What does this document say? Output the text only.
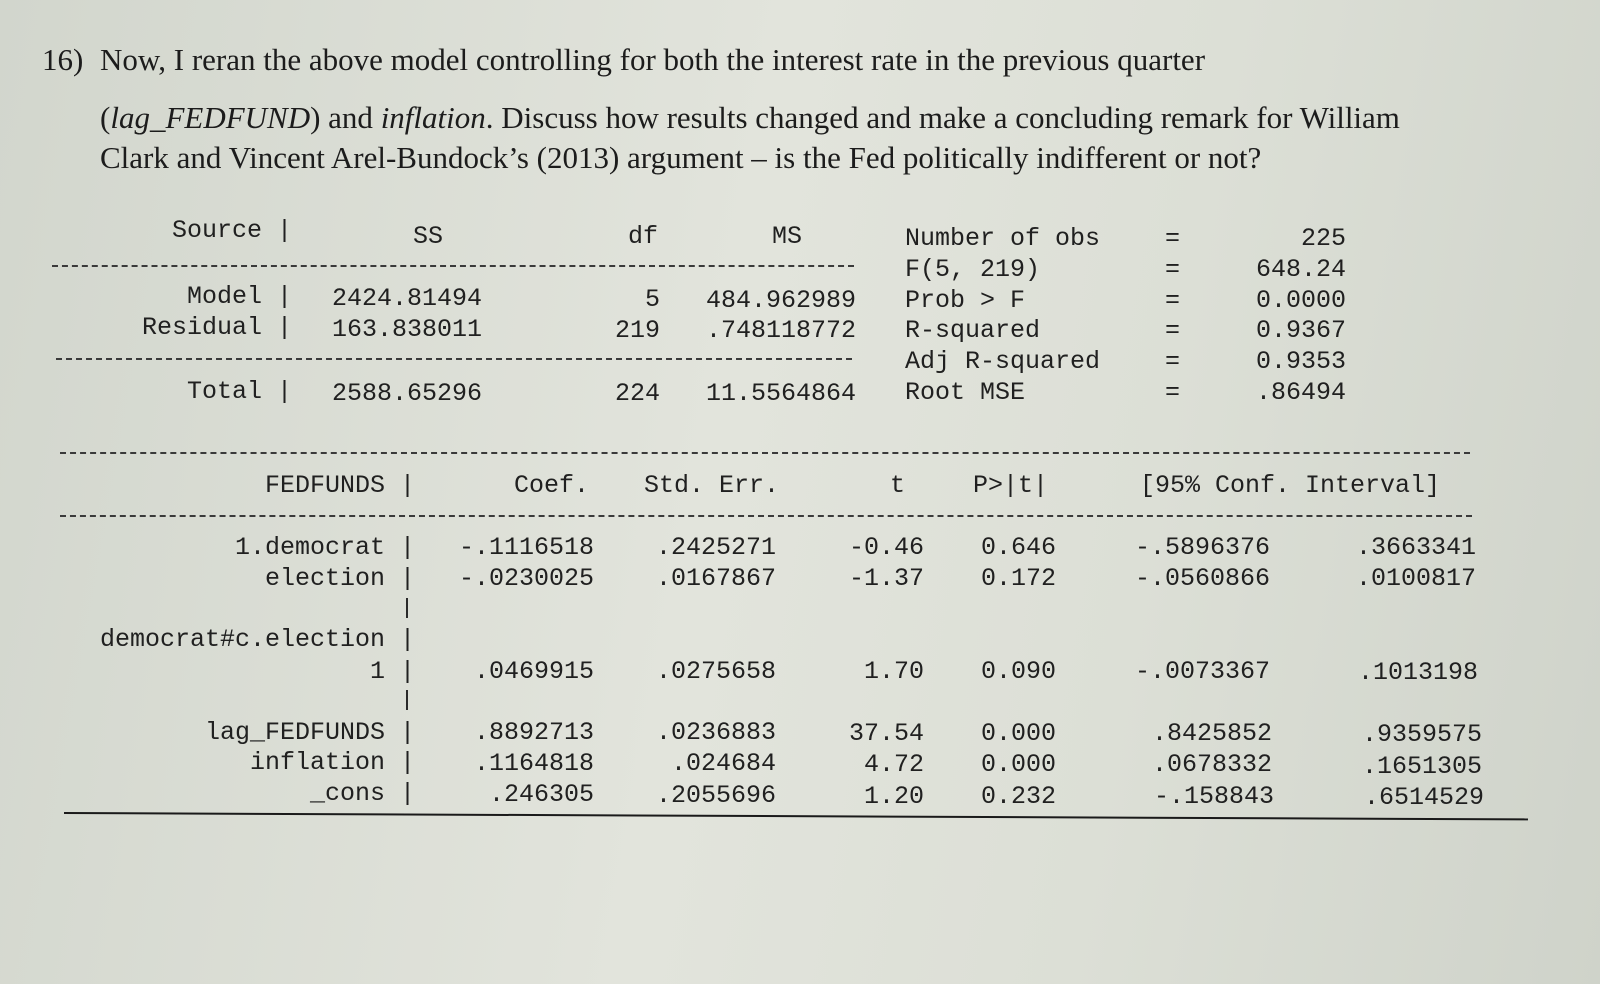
16) Now, I reran the above model controlling for both the interest rate in the previous quarter
(lag_FEDFUND) and inflation. Discuss how results changed and make a concluding remark for William
Clark and Vincent Arel-Bundock’s (2013) argument – is the Fed politically indifferent or not?
Source |	SS	df	MS
Model | 2424.81494	5	484.962989
Residual | 163.838011	219	.748118772
Total | 2588.65296	224	11.5564864
Number of obs	=	225
F(5, 219)	=	648.24
Prob > F	=	0.0000
R-squared	=	0.9367
Adj R-squared	=	0.9353
Root MSE	=	.86494
FEDFUNDS |	Coef. Std. Err.	t	P>|t|	[95% Conf. Interval]
1.democrat |	-.1116518	.2425271	-0.46	0.646	-.5896376	.3663341
election |	-.0230025	.0167867	-1.37	0.172	-.0560866	.0100817
democrat#c.election |
1 |	.0469915	.0275658	1.70	0.090	-.0073367	.1013198
lag_FEDFUNDS |	.8892713	.0236883	37.54	0.000	.8425852	.9359575
inflation |	.1164818	.024684	4.72	0.000	.0678332	.1651305
_cons |	.246305	.2055696	1.20	0.232	-.158843	.6514529
